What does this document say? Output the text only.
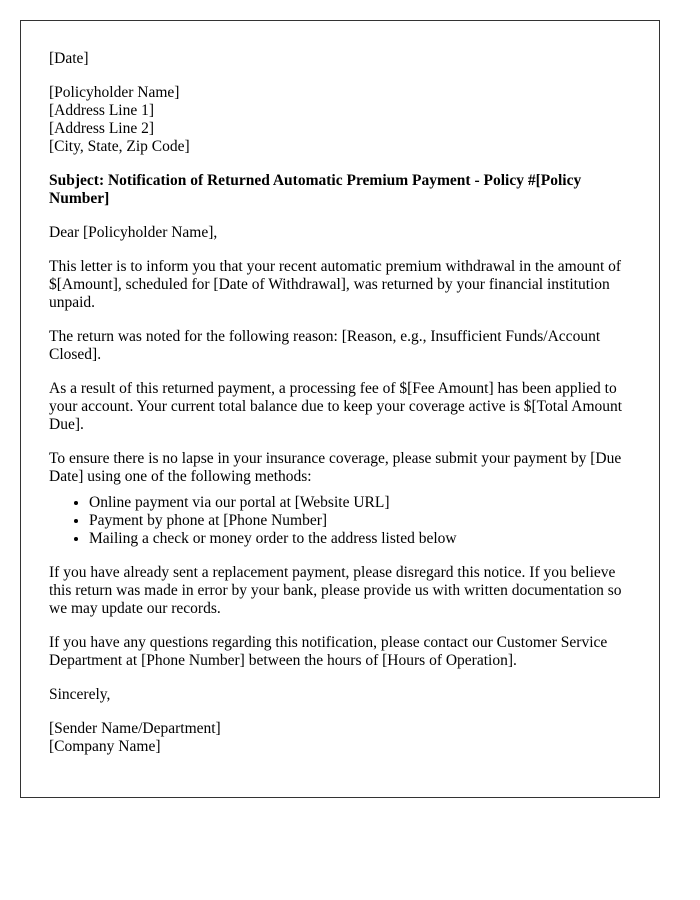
[Date]

[Policyholder Name]
[Address Line 1]
[Address Line 2]
[City, State, Zip Code]

Subject: Notification of Returned Automatic Premium Payment - Policy #[Policy Number]

Dear [Policyholder Name],

This letter is to inform you that your recent automatic premium withdrawal in the amount of $[Amount], scheduled for [Date of Withdrawal], was returned by your financial institution unpaid.

The return was noted for the following reason: [Reason, e.g., Insufficient Funds/Account Closed].

As a result of this returned payment, a processing fee of $[Fee Amount] has been applied to your account. Your current total balance due to keep your coverage active is $[Total Amount Due].

To ensure there is no lapse in your insurance coverage, please submit your payment by [Due Date] using one of the following methods:

• Online payment via our portal at [Website URL]
• Payment by phone at [Phone Number]
• Mailing a check or money order to the address listed below

If you have already sent a replacement payment, please disregard this notice. If you believe this return was made in error by your bank, please provide us with written documentation so we may update our records.

If you have any questions regarding this notification, please contact our Customer Service Department at [Phone Number] between the hours of [Hours of Operation].

Sincerely,

[Sender Name/Department]
[Company Name]
